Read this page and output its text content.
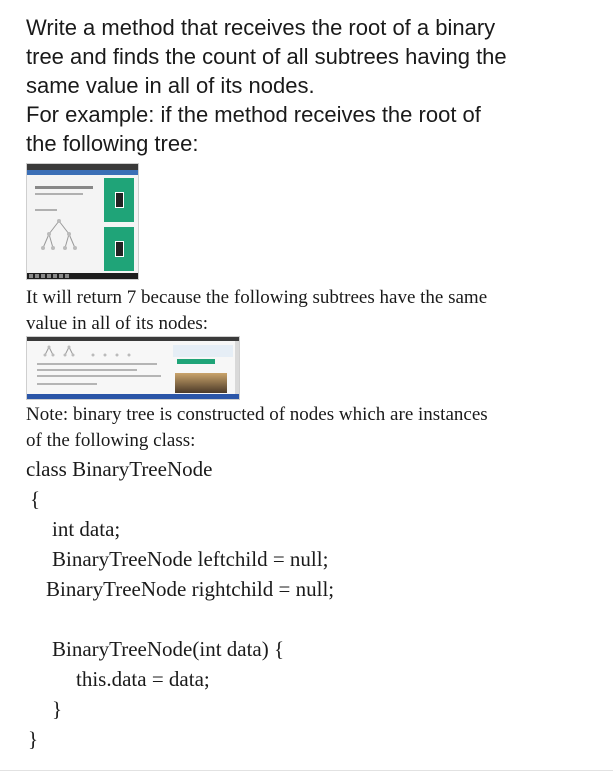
Write a method that receives the root of a binary
tree and finds the count of all subtrees having the
same value in all of its nodes.
For example: if the method receives the root of
the following tree:
It will return 7 because the following subtrees have the same
value in all of its nodes:
Note: binary tree is constructed of nodes which are instances
of the following class:
class BinaryTreeNode
{
int data;
BinaryTreeNode leftchild = null;
BinaryTreeNode rightchild = null;
BinaryTreeNode(int data) {
this.data = data;
}
}
